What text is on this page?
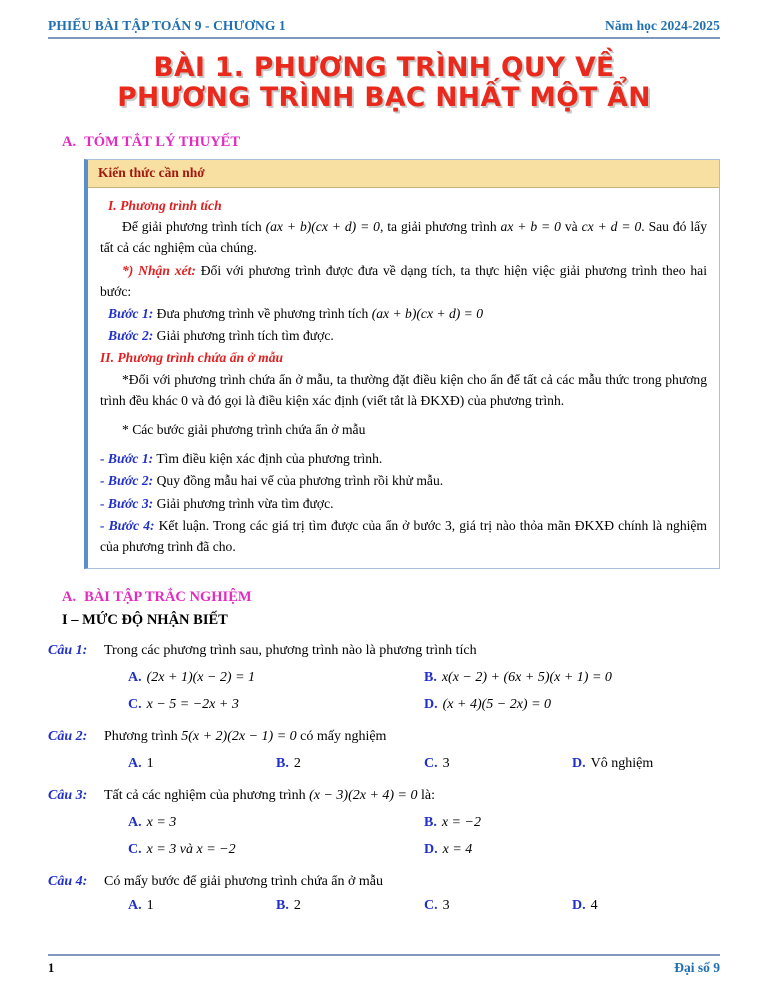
PHIẾU BÀI TẬP TOÁN 9 - CHƯƠNG 1	Năm học 2024-2025
BÀI 1. PHƯƠNG TRÌNH QUY VỀ
PHƯƠNG TRÌNH BẠC NHẤT MỘT ẨN
A. TÓM TẮT LÝ THUYẾT
Kiến thức cần nhớ
I. Phương trình tích
Để giải phương trình tích (ax + b)(cx + d) = 0, ta giải phương trình ax + b = 0 và cx + d = 0. Sau đó lấy tất cả các nghiệm của chúng.
*) Nhận xét: Đối với phương trình được đưa về dạng tích, ta thực hiện việc giải phương trình theo hai bước:
Bước 1: Đưa phương trình về phương trình tích (ax + b)(cx + d) = 0
Bước 2: Giải phương trình tích tìm được.
II. Phương trình chứa ẩn ở mẫu
*Đối với phương trình chứa ẩn ở mẫu, ta thường đặt điều kiện cho ẩn để tất cả các mẫu thức trong phương trình đều khác 0 và đó gọi là điều kiện xác định (viết tắt là ĐKXĐ) của phương trình.
* Các bước giải phương trình chứa ẩn ở mẫu
- Bước 1: Tìm điều kiện xác định của phương trình.
- Bước 2: Quy đồng mẫu hai vế của phương trình rồi khử mẫu.
- Bước 3: Giải phương trình vừa tìm được.
- Bước 4: Kết luận. Trong các giá trị tìm được của ẩn ở bước 3, giá trị nào thỏa mãn ĐKXĐ chính là nghiệm của phương trình đã cho.
A. BÀI TẬP TRẮC NGHIỆM
I – MỨC ĐỘ NHẬN BIẾT
Câu 1:	Trong các phương trình sau, phương trình nào là phương trình tích
A. (2x + 1)(x − 2) = 1	B. x(x − 2) + (6x + 5)(x + 1) = 0
C. x − 5 = −2x + 3	D. (x + 4)(5 − 2x) = 0
Câu 2:	Phương trình 5(x + 2)(2x − 1) = 0 có mấy nghiệm
A. 1	B. 2	C. 3	D. Vô nghiệm
Câu 3:	Tất cả các nghiệm của phương trình (x − 3)(2x + 4) = 0 là:
A. x = 3	B. x = −2
C. x = 3 và x = −2	D. x = 4
Câu 4:	Có mấy bước để giải phương trình chứa ẩn ở mẫu
A. 1	B. 2	C. 3	D. 4
1	Đại số 9
